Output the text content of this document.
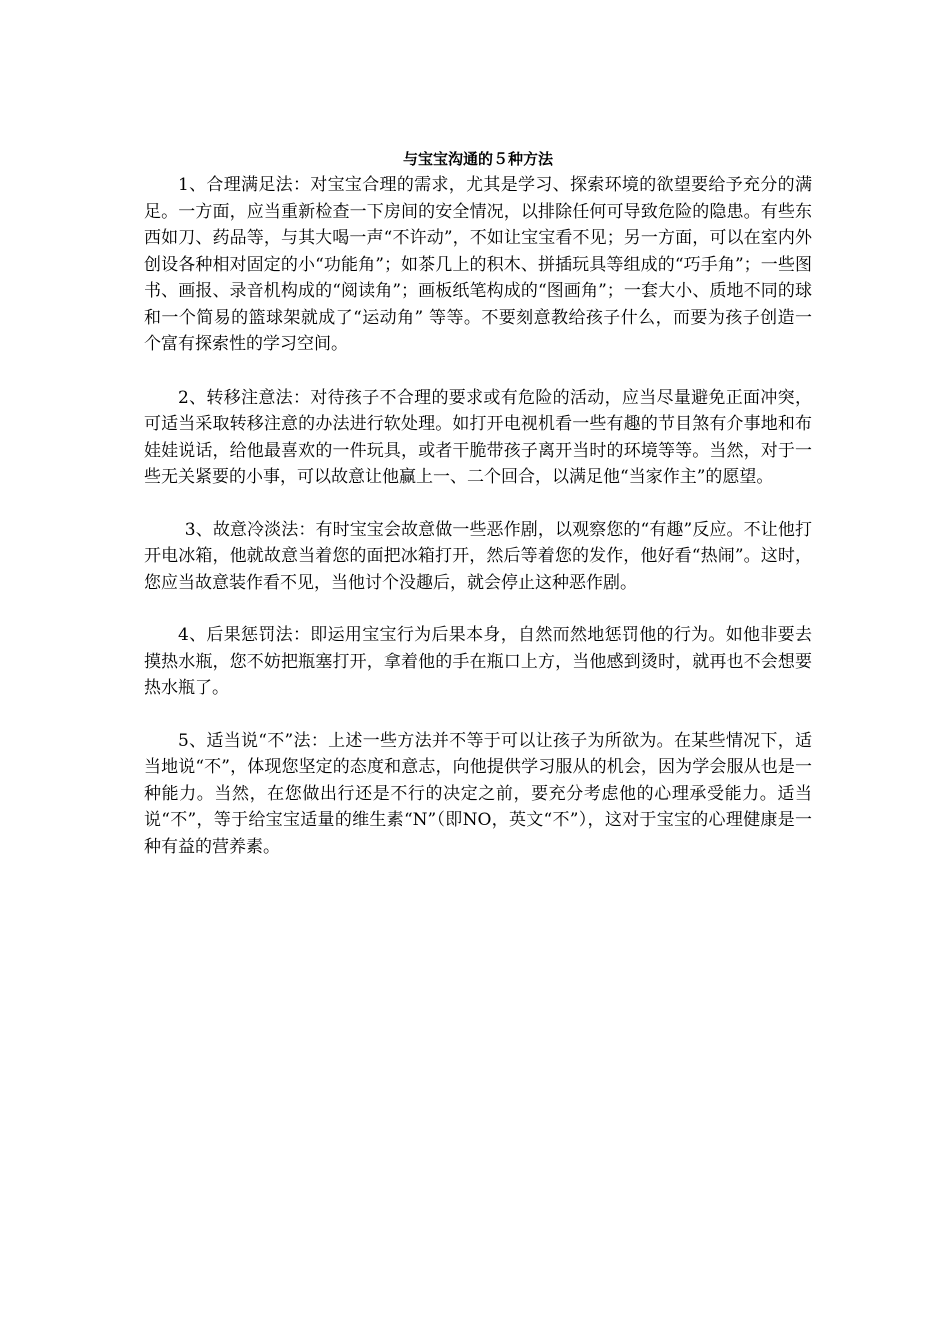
与宝宝沟通的５种方法

1、合理满足法：对宝宝合理的需求，尤其是学习、探索环境的欲望要给予充分的满足。一方面，应当重新检查一下房间的安全情况，以排除任何可导致危险的隐患。有些东西如刀、药品等，与其大喝一声“不许动”，不如让宝宝看不见；另一方面，可以在室内外创设各种相对固定的小“功能角”；如茶几上的积木、拼插玩具等组成的“巧手角”；一些图书、画报、录音机构成的“阅读角”；画板纸笔构成的“图画角”；一套大小、质地不同的球和一个简易的篮球架就成了“运动角” 等等。不要刻意教给孩子什么，而要为孩子创造一个富有探索性的学习空间。

2、转移注意法：对待孩子不合理的要求或有危险的活动，应当尽量避免正面冲突，可适当采取转移注意的办法进行软处理。如打开电视机看一些有趣的节目煞有介事地和布娃娃说话，给他最喜欢的一件玩具，或者干脆带孩子离开当时的环境等等。当然，对于一些无关紧要的小事，可以故意让他赢上一、二个回合，以满足他“当家作主”的愿望。

3、故意冷淡法：有时宝宝会故意做一些恶作剧，以观察您的“有趣”反应。不让他打开电冰箱，他就故意当着您的面把冰箱打开，然后等着您的发作，他好看“热闹”。这时，您应当故意装作看不见，当他讨个没趣后，就会停止这种恶作剧。

4、后果惩罚法：即运用宝宝行为后果本身，自然而然地惩罚他的行为。如他非要去摸热水瓶，您不妨把瓶塞打开，拿着他的手在瓶口上方，当他感到烫时，就再也不会想要热水瓶了。

5、适当说“不”法：上述一些方法并不等于可以让孩子为所欲为。在某些情况下，适当地说“不”，体现您坚定的态度和意志，向他提供学习服从的机会，因为学会服从也是一种能力。当然，在您做出行还是不行的决定之前，要充分考虑他的心理承受能力。适当说“不”，等于给宝宝适量的维生素“N”（即NO，英文“不”），这对于宝宝的心理健康是一种有益的营养素。
